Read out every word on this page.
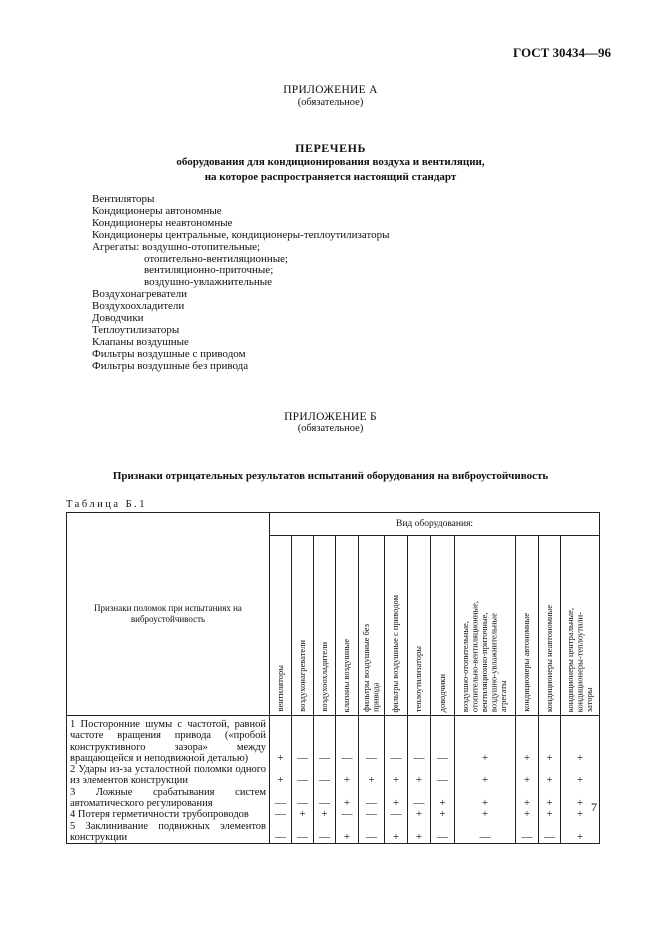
ГОСТ 30434—96
ПРИЛОЖЕНИЕ А
(обязательное)
ПЕРЕЧЕНЬ
оборудования для кондиционирования воздуха и вентиляции,
на которое распространяется настоящий стандарт
Вентиляторы
Кондиционеры автономные
Кондиционеры неавтономные
Кондиционеры центральные, кондиционеры-теплоутилизаторы
Агрегаты: воздушно-отопительные;
отопительно-вентиляционные;
вентиляционно-приточные;
воздушно-увлажнительные
Воздухонагреватели
Воздухоохладители
Доводчики
Теплоутилизаторы
Клапаны воздушные
Фильтры воздушные с приводом
Фильтры воздушные без привода
ПРИЛОЖЕНИЕ Б
(обязательное)
Признаки отрицательных результатов испытаний оборудования на виброустойчивость
Таблица Б.1
Признаки поломок при испытаниях на виброустойчивость	Вид оборудования:											

	вентиляторы	воздухонагреватели	воздухоохладители	клапаны воздушные	фильтры воздушные без
привода	фильтры воздушные с приводом	теплоутилизаторы	доводчики	воздушно-отопительные,
отопительно-вентиляционные,
вентиляционно-приточные,
воздушно-увлажнительные
агрегаты	кондиционеры автономные	кондиционеры неавтономные	кондиционеры центральные,
кондиционеры-теплоутили-
заторы

1 Посторонние шумы с частотой, равной частоте вращения привода («пробой конструктивного зазора» между вращающейся и неподвижной деталью)	+	—	—	—	—	—	—	—	+	+	+	+
2 Удары из-за усталостной поломки одного из элементов конструкции	+	—	—	+	+	+	+	—	+	+	+	+
3 Ложные срабатывания систем автоматического регулирования	—	—	—	+	—	+	—	+	+	+	+	+
4 Потеря герметичности трубопроводов	—	+	+	—	—	—	+	+	+	+	+	+
5 Заклинивание подвижных элементов конструкции	—	—	—	+	—	+	+	—	—	—	—	+
7
